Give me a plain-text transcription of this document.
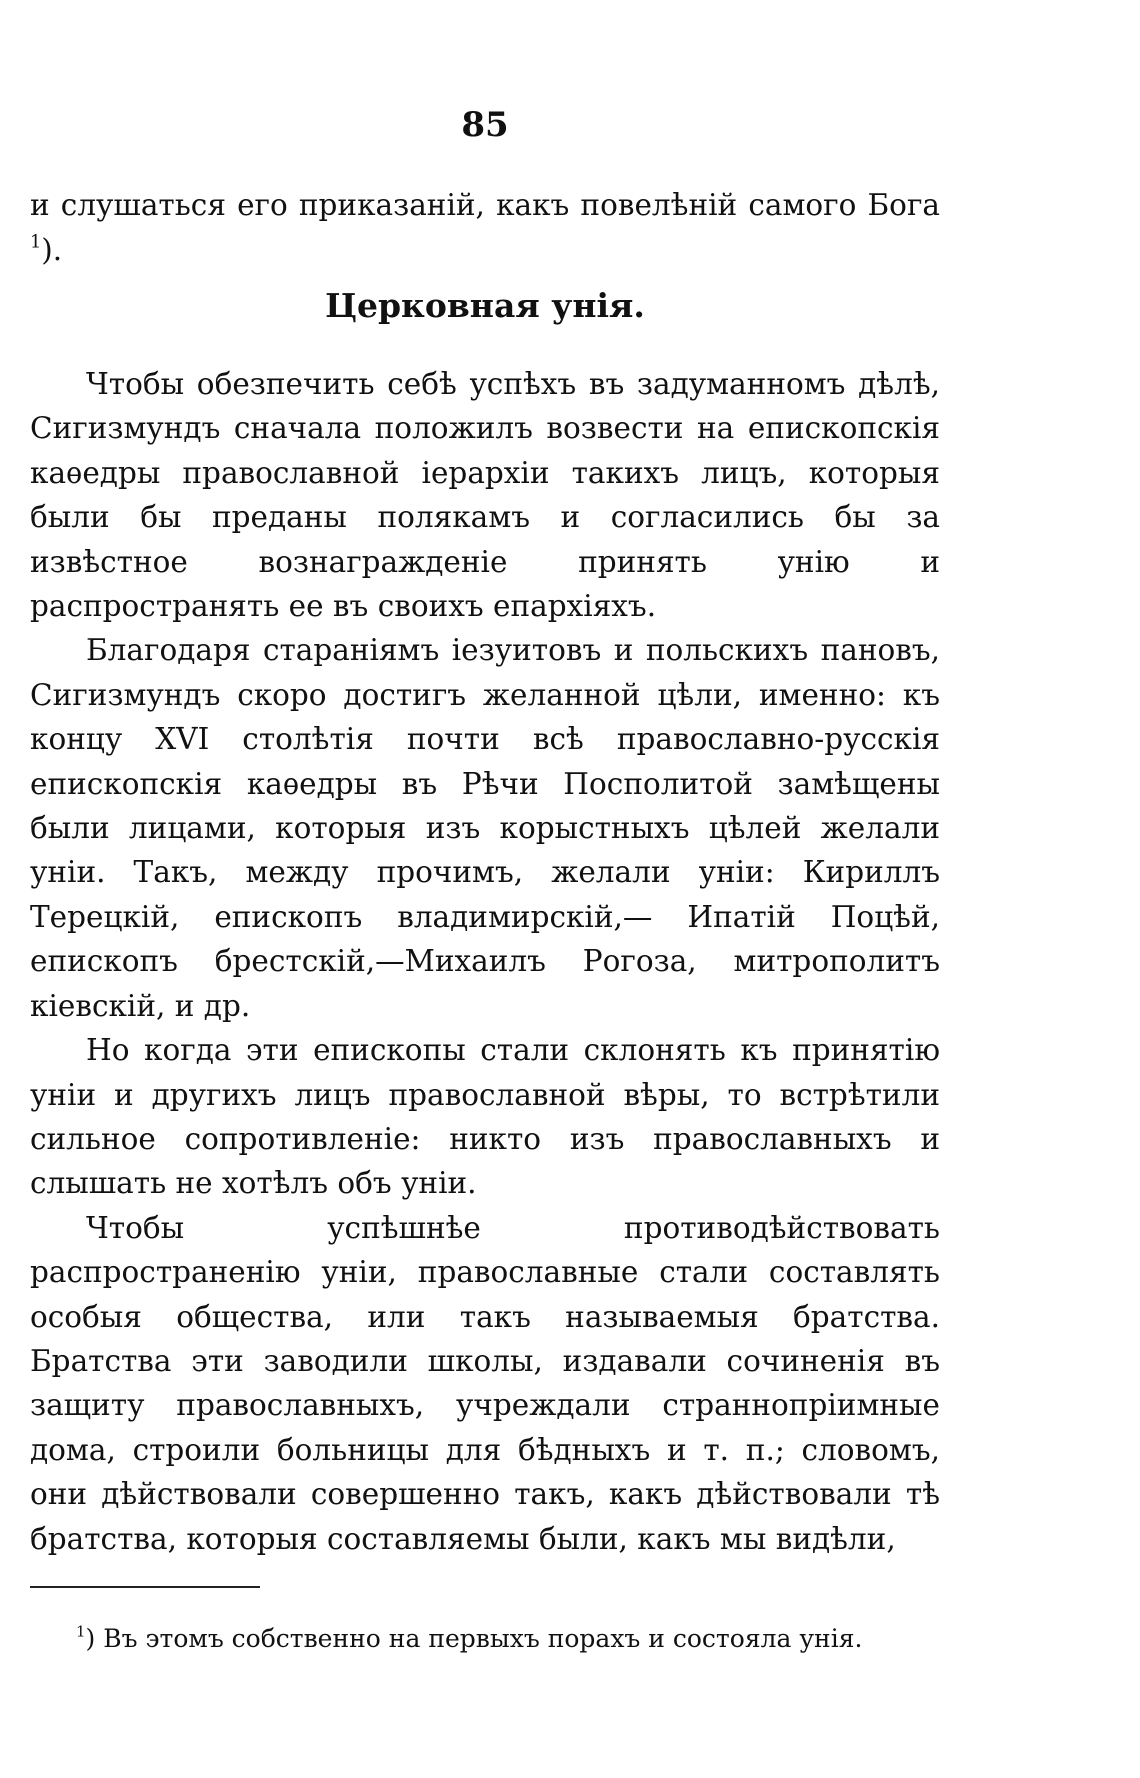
85
и слушаться его приказаній, какъ повелѣній самого Бога $^1$).
Церковная унія.

Чтобы обезпечить себѣ успѣхъ въ задуманномъ дѣлѣ, Сигизмундъ сначала положилъ возвести на епископскія каѳедры православной іерархіи такихъ лицъ, которыя были бы преданы полякамъ и согласились бы за извѣстное вознагражденіе принять унію и распространять ее въ своихъ епархіяхъ.

Благодаря стараніямъ іезуитовъ и польскихъ пановъ, Сигизмундъ скоро достигъ желанной цѣли, именно: къ концу XVI столѣтія почти всѣ православно-русскія епископскія каѳедры въ Рѣчи Посполитой замѣщены были лицами, которыя изъ корыстныхъ цѣлей желали уніи. Такъ, между прочимъ, желали уніи: Кириллъ Терецкій, епископъ владимирскій,— Ипатій Поцѣй, епископъ брестскій,—Михаилъ Рогоза, митрополитъ кіевскій, и др.

Но когда эти епископы стали склонять къ принятію уніи и другихъ лицъ православной вѣры, то встрѣтили сильное сопротивленіе: никто изъ православныхъ и слышать не хотѣлъ объ уніи.

Чтобы успѣшнѣе противодѣйствовать распространенію уніи, православные стали составлять особыя общества, или такъ называемыя братства. Братства эти заводили школы, издавали сочиненія въ защиту православныхъ, учреждали страннопріимные дома, строили больницы для бѣдныхъ и т. п.; словомъ, они дѣйствовали совершенно такъ, какъ дѣйствовали тѣ братства, которыя составляемы были, какъ мы видѣли,

$^1$) Въ этомъ собственно на первыхъ порахъ и состояла унія.
